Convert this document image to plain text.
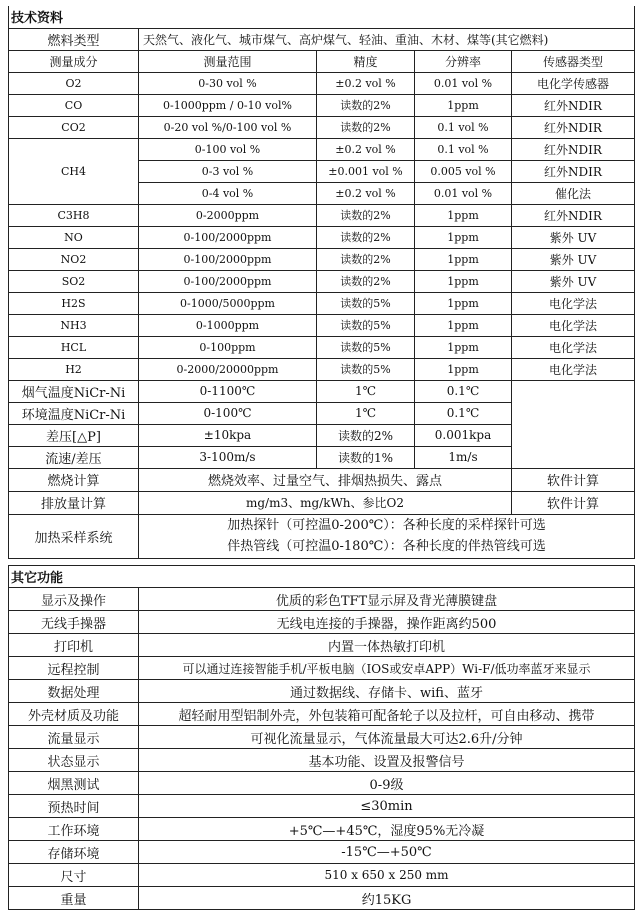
技术资料				
燃料类型	天然气、液化气、城市煤气、高炉煤气、轻油、重油、木材、煤等(其它燃料)			
测量成分	测量范围	精度	分辨率	传感器类型
O2	0-30 vol %	±0.2 vol %	0.01 vol %	电化学传感器
CO	0-1000ppm / 0-10 vol%	读数的2%	1ppm	红外NDIR
CO2	0-20 vol %/0-100 vol %	读数的2%	0.1 vol %	红外NDIR
CH4	0-100 vol %	±0.2 vol %	0.1 vol %	红外NDIR
	0-3 vol %	±0.001 vol %	0.005 vol %	红外NDIR
	0-4 vol %	±0.2 vol %	0.01 vol %	催化法
C3H8	0-2000ppm	读数的2%	1ppm	红外NDIR
NO	0-100/2000ppm	读数的2%	1ppm	紫外 UV
NO2	0-100/2000ppm	读数的2%	1ppm	紫外 UV
SO2	0-100/2000ppm	读数的2%	1ppm	紫外 UV
H2S	0-1000/5000ppm	读数的5%	1ppm	电化学法
NH3	0-1000ppm	读数的5%	1ppm	电化学法
HCL	0-100ppm	读数的5%	1ppm	电化学法
H2	0-2000/20000ppm	读数的5%	1ppm	电化学法
烟气温度NiCr-Ni	0-1100℃	1℃	0.1℃	
环境温度NiCr-Ni	0-100℃	1℃	0.1℃	
差压[△P]	±10kpa	读数的2%	0.001kpa	
流速/差压	3-100m/s	读数的1%	1m/s	
燃烧计算	燃烧效率、过量空气、排烟热损失、露点			软件计算
排放量计算	mg/m3、mg/kWh、参比O2			软件计算
加热采样系统	加热探针（可控温0-200℃）：各种长度的采样探针可选
伴热管线（可控温0-180℃）：各种长度的伴热管线可选			
其它功能	
显示及操作	优质的彩色TFT显示屏及背光薄膜键盘
无线手操器	无线电连接的手操器，操作距离约500
打印机	内置一体热敏打印机
远程控制	可以通过连接智能手机/平板电脑（IOS或安卓APP）Wi-F/低功率蓝牙来显示
数据处理	通过数据线、存储卡、wifi、蓝牙
外壳材质及功能	超轻耐用型铝制外壳，外包装箱可配备轮子以及拉杆，可自由移动、携带
流量显示	可视化流量显示，气体流量最大可达2.6升/分钟
状态显示	基本功能、设置及报警信号
烟黑测试	0-9级
预热时间	≤30min
工作环境	+5℃—+45℃，湿度95%无冷凝
存储环境	-15℃—+50℃
尺寸	510 x 650 x 250 mm
重量	约15KG
